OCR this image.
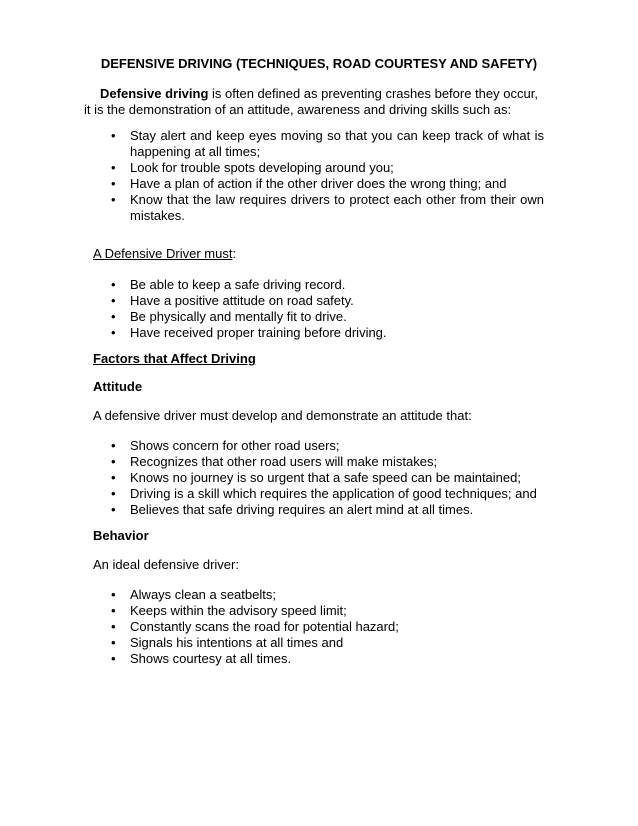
DEFENSIVE DRIVING (TECHNIQUES, ROAD COURTESY AND SAFETY)

Defensive driving is often defined as preventing crashes before they occur,
it is the demonstration of an attitude, awareness and driving skills such as:

• Stay alert and keep eyes moving so that you can keep track of what is happening at all times;
• Look for trouble spots developing around you;
• Have a plan of action if the other driver does the wrong thing; and
• Know that the law requires drivers to protect each other from their own mistakes.

A Defensive Driver must:

• Be able to keep a safe driving record.
• Have a positive attitude on road safety.
• Be physically and mentally fit to drive.
• Have received proper training before driving.

Factors that Affect Driving

Attitude

A defensive driver must develop and demonstrate an attitude that:

• Shows concern for other road users;
• Recognizes that other road users will make mistakes;
• Knows no journey is so urgent that a safe speed can be maintained;
• Driving is a skill which requires the application of good techniques; and
• Believes that safe driving requires an alert mind at all times.

Behavior

An ideal defensive driver:

• Always clean a seatbelts;
• Keeps within the advisory speed limit;
• Constantly scans the road for potential hazard;
• Signals his intentions at all times and
• Shows courtesy at all times.
